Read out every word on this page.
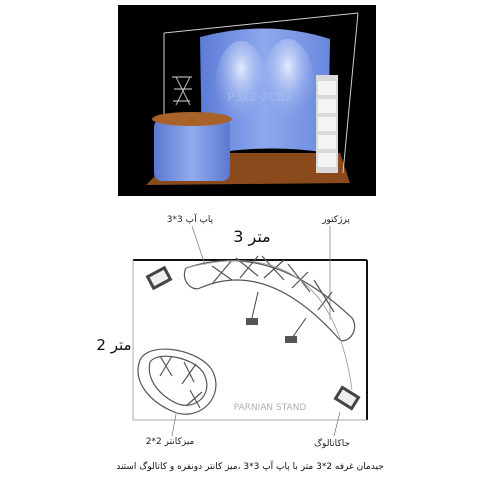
P3x2-2CB2
3 متر
2 متر
پاپ آپ 3*3	پرژکتور
PARNIAN STAND
میزکانتر 2*2	جاکاتالوگ
جیدمان غرفه 2*3 متر با پاپ آپ 3*3 ،میز کانتر دونفره و کاتالوگ استند
